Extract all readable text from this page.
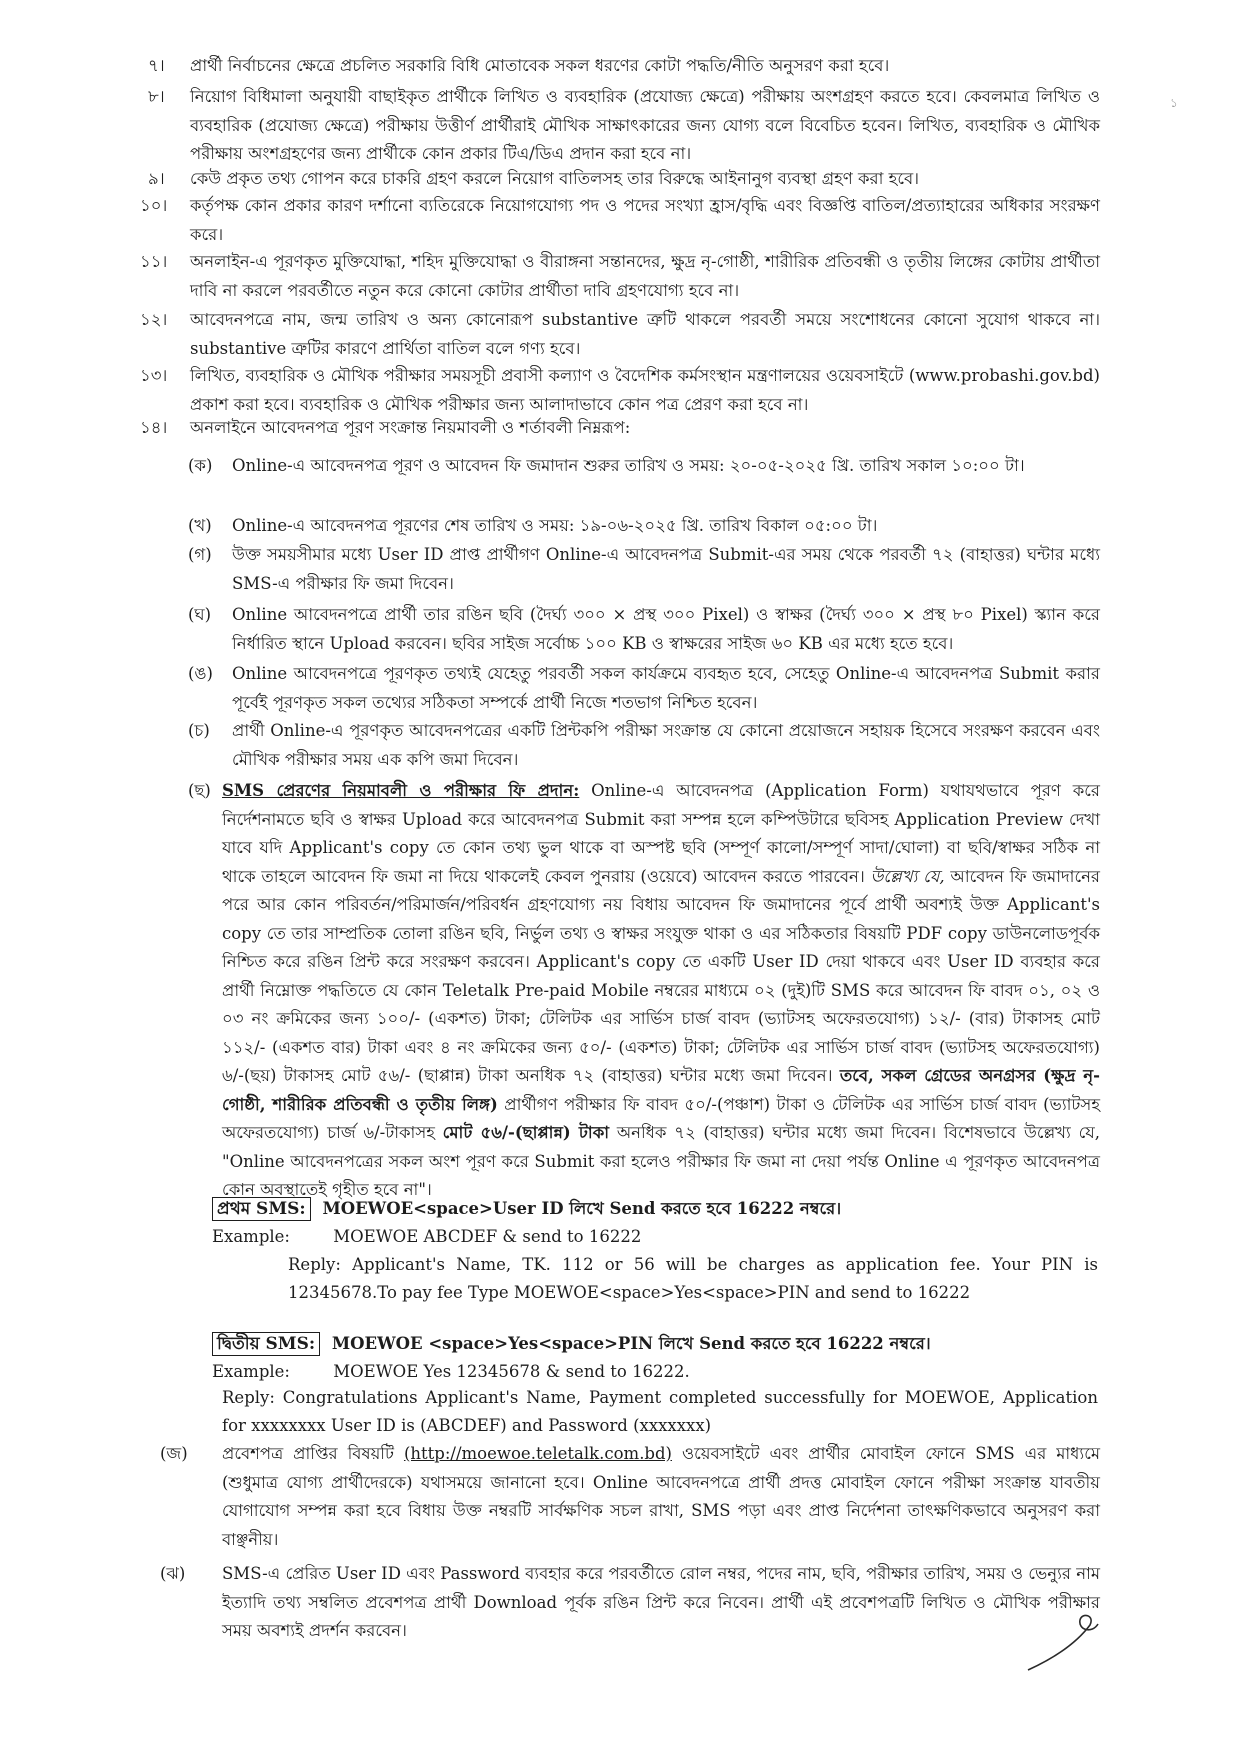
৭।	প্রার্থী নির্বাচনের ক্ষেত্রে প্রচলিত সরকারি বিধি মোতাবেক সকল ধরণের কোটা পদ্ধতি/নীতি অনুসরণ করা হবে।
৮।	নিয়োগ বিধিমালা অনুযায়ী বাছাইকৃত প্রার্থীকে লিখিত ও ব্যবহারিক (প্রযোজ্য ক্ষেত্রে) পরীক্ষায় অংশগ্রহণ করতে হবে। কেবলমাত্র লিখিত ও ব্যবহারিক (প্রযোজ্য ক্ষেত্রে) পরীক্ষায় উত্তীর্ণ প্রার্থীরাই মৌখিক সাক্ষাৎকারের জন্য যোগ্য বলে বিবেচিত হবেন। লিখিত, ব্যবহারিক ও মৌখিক পরীক্ষায় অংশগ্রহণের জন্য প্রার্থীকে কোন প্রকার টিএ/ডিএ প্রদান করা হবে না।
৯।	কেউ প্রকৃত তথ্য গোপন করে চাকরি গ্রহণ করলে নিয়োগ বাতিলসহ তার বিরুদ্ধে আইনানুগ ব্যবস্থা গ্রহণ করা হবে।
১০।	কর্তৃপক্ষ কোন প্রকার কারণ দর্শানো ব্যতিরেকে নিয়োগযোগ্য পদ ও পদের সংখ্যা হ্রাস/বৃদ্ধি এবং বিজ্ঞপ্তি বাতিল/প্রত্যাহারের অধিকার সংরক্ষণ করে।
১১।	অনলাইন-এ পূরণকৃত মুক্তিযোদ্ধা, শহিদ মুক্তিযোদ্ধা ও বীরাঙ্গনা সন্তানদের, ক্ষুদ্র নৃ-গোষ্ঠী, শারীরিক প্রতিবন্ধী ও তৃতীয় লিঙ্গের কোটায় প্রার্থীতা দাবি না করলে পরবর্তীতে নতুন করে কোনো কোটার প্রার্থীতা দাবি গ্রহণযোগ্য হবে না।
১২।	আবেদনপত্রে নাম, জন্ম তারিখ ও অন্য কোনোরূপ substantive ত্রুটি থাকলে পরবর্তী সময়ে সংশোধনের কোনো সুযোগ থাকবে না। substantive ত্রুটির কারণে প্রার্থিতা বাতিল বলে গণ্য হবে।
১৩।	লিখিত, ব্যবহারিক ও মৌখিক পরীক্ষার সময়সূচী প্রবাসী কল্যাণ ও বৈদেশিক কর্মসংস্থান মন্ত্রণালয়ের ওয়েবসাইটে (www.probashi.gov.bd) প্রকাশ করা হবে। ব্যবহারিক ও মৌখিক পরীক্ষার জন্য আলাদাভাবে কোন পত্র প্রেরণ করা হবে না।
১৪।	অনলাইনে আবেদনপত্র পূরণ সংক্রান্ত নিয়মাবলী ও শর্তাবলী নিম্নরূপ:
(ক)	Online-এ আবেদনপত্র পূরণ ও আবেদন ফি জমাদান শুরুর তারিখ ও সময়: ২০-০৫-২০২৫ খ্রি. তারিখ সকাল ১০:০০ টা।
(খ)	Online-এ আবেদনপত্র পূরণের শেষ তারিখ ও সময়: ১৯-০৬-২০২৫ খ্রি. তারিখ বিকাল ০৫:০০ টা।
(গ)	উক্ত সময়সীমার মধ্যে User ID প্রাপ্ত প্রার্থীগণ Online-এ আবেদনপত্র Submit-এর সময় থেকে পরবর্তী ৭২ (বাহাত্তর) ঘন্টার মধ্যে SMS-এ পরীক্ষার ফি জমা দিবেন।
(ঘ)	Online আবেদনপত্রে প্রার্থী তার রঙিন ছবি (দৈর্ঘ্য ৩০০ × প্রস্থ ৩০০ Pixel) ও স্বাক্ষর (দৈর্ঘ্য ৩০০ × প্রস্থ ৮০ Pixel) স্ক্যান করে নির্ধারিত স্থানে Upload করবেন। ছবির সাইজ সর্বোচ্চ ১০০ KB ও স্বাক্ষরের সাইজ ৬০ KB এর মধ্যে হতে হবে।
(ঙ)	Online আবেদনপত্রে পূরণকৃত তথ্যই যেহেতু পরবর্তী সকল কার্যক্রমে ব্যবহৃত হবে, সেহেতু Online-এ আবেদনপত্র Submit করার পূর্বেই পূরণকৃত সকল তথ্যের সঠিকতা সম্পর্কে প্রার্থী নিজে শতভাগ নিশ্চিত হবেন।
(চ)	প্রার্থী Online-এ পূরণকৃত আবেদনপত্রের একটি প্রিন্টকপি পরীক্ষা সংক্রান্ত যে কোনো প্রয়োজনে সহায়ক হিসেবে সংরক্ষণ করবেন এবং মৌখিক পরীক্ষার সময় এক কপি জমা দিবেন।
(ছ) SMS প্রেরণের নিয়মাবলী ও পরীক্ষার ফি প্রদান: Online-এ আবেদনপত্র (Application Form) যথাযথভাবে পূরণ করে নির্দেশনামতে ছবি ও স্বাক্ষর Upload করে আবেদনপত্র Submit করা সম্পন্ন হলে কম্পিউটারে ছবিসহ Application Preview দেখা যাবে যদি Applicant's copy তে কোন তথ্য ভুল থাকে বা অস্পষ্ট ছবি (সম্পূর্ণ কালো/সম্পূর্ণ সাদা/ঘোলা) বা ছবি/স্বাক্ষর সঠিক না থাকে তাহলে আবেদন ফি জমা না দিয়ে থাকলেই কেবল পুনরায় (ওয়েবে) আবেদন করতে পারবেন। উল্লেখ্য যে, আবেদন ফি জমাদানের পরে আর কোন পরিবর্তন/পরিমার্জন/পরিবর্ধন গ্রহণযোগ্য নয় বিধায় আবেদন ফি জমাদানের পূর্বে প্রার্থী অবশ্যই উক্ত Applicant's copy তে তার সাম্প্রতিক তোলা রঙিন ছবি, নির্ভুল তথ্য ও স্বাক্ষর সংযুক্ত থাকা ও এর সঠিকতার বিষয়টি PDF copy ডাউনলোডপূর্বক নিশ্চিত করে রঙিন প্রিন্ট করে সংরক্ষণ করবেন। Applicant's copy তে একটি User ID দেয়া থাকবে এবং User ID ব্যবহার করে প্রার্থী নিম্নোক্ত পদ্ধতিতে যে কোন Teletalk Pre-paid Mobile নম্বরের মাধ্যমে ০২ (দুই)টি SMS করে আবেদন ফি বাবদ ০১, ০২ ও ০৩ নং ক্রমিকের জন্য ১০০/- (একশত) টাকা; টেলিটক এর সার্ভিস চার্জ বাবদ (ভ্যাটসহ অফেরতযোগ্য) ১২/- (বার) টাকাসহ মোট ১১২/- (একশত বার) টাকা এবং ৪ নং ক্রমিকের জন্য ৫০/- (একশত) টাকা; টেলিটক এর সার্ভিস চার্জ বাবদ (ভ্যাটসহ অফেরতযোগ্য) ৬/-(ছয়) টাকাসহ মোট ৫৬/- (ছাপ্পান্ন) টাকা অনধিক ৭২ (বাহাত্তর) ঘন্টার মধ্যে জমা দিবেন। তবে, সকল গ্রেডের অনগ্রসর (ক্ষুদ্র নৃ-গোষ্ঠী, শারীরিক প্রতিবন্ধী ও তৃতীয় লিঙ্গ) প্রার্থীগণ পরীক্ষার ফি বাবদ ৫০/-(পঞ্চাশ) টাকা ও টেলিটক এর সার্ভিস চার্জ বাবদ (ভ্যাটসহ অফেরতযোগ্য) চার্জ ৬/-টাকাসহ মোট ৫৬/-(ছাপ্পান্ন) টাকা অনধিক ৭২ (বাহাত্তর) ঘন্টার মধ্যে জমা দিবেন। বিশেষভাবে উল্লেখ্য যে, "Online আবেদনপত্রের সকল অংশ পূরণ করে Submit করা হলেও পরীক্ষার ফি জমা না দেয়া পর্যন্ত Online এ পূরণকৃত আবেদনপত্র কোন অবস্থাতেই গৃহীত হবে না"।
প্রথম SMS: MOEWOE<space>User ID লিখে Send করতে হবে 16222 নম্বরে।
Example:	MOEWOE ABCDEF & send to 16222
Reply: Applicant's Name, TK. 112 or 56 will be charges as application fee. Your PIN is 12345678.To pay fee Type MOEWOE<space>Yes<space>PIN and send to 16222
দ্বিতীয় SMS: MOEWOE <space>Yes<space>PIN লিখে Send করতে হবে 16222 নম্বরে।
Example:	MOEWOE Yes 12345678 & send to 16222.
Reply: Congratulations Applicant's Name, Payment completed successfully for MOEWOE, Application for xxxxxxxx User ID is (ABCDEF) and Password (xxxxxxx)
(জ)	প্রবেশপত্র প্রাপ্তির বিষয়টি (http://moewoe.teletalk.com.bd) ওয়েবসাইটে এবং প্রার্থীর মোবাইল ফোনে SMS এর মাধ্যমে (শুধুমাত্র যোগ্য প্রার্থীদেরকে) যথাসময়ে জানানো হবে। Online আবেদনপত্রে প্রার্থী প্রদত্ত মোবাইল ফোনে পরীক্ষা সংক্রান্ত যাবতীয় যোগাযোগ সম্পন্ন করা হবে বিধায় উক্ত নম্বরটি সার্বক্ষণিক সচল রাখা, SMS পড়া এবং প্রাপ্ত নির্দেশনা তাৎক্ষণিকভাবে অনুসরণ করা বাঞ্ছনীয়।
(ঝ)	SMS-এ প্রেরিত User ID এবং Password ব্যবহার করে পরবর্তীতে রোল নম্বর, পদের নাম, ছবি, পরীক্ষার তারিখ, সময় ও ভেন্যুর নাম ইত্যাদি তথ্য সম্বলিত প্রবেশপত্র প্রার্থী Download পূর্বক রঙিন প্রিন্ট করে নিবেন। প্রার্থী এই প্রবেশপত্রটি লিখিত ও মৌখিক পরীক্ষার সময় অবশ্যই প্রদর্শন করবেন।
১
